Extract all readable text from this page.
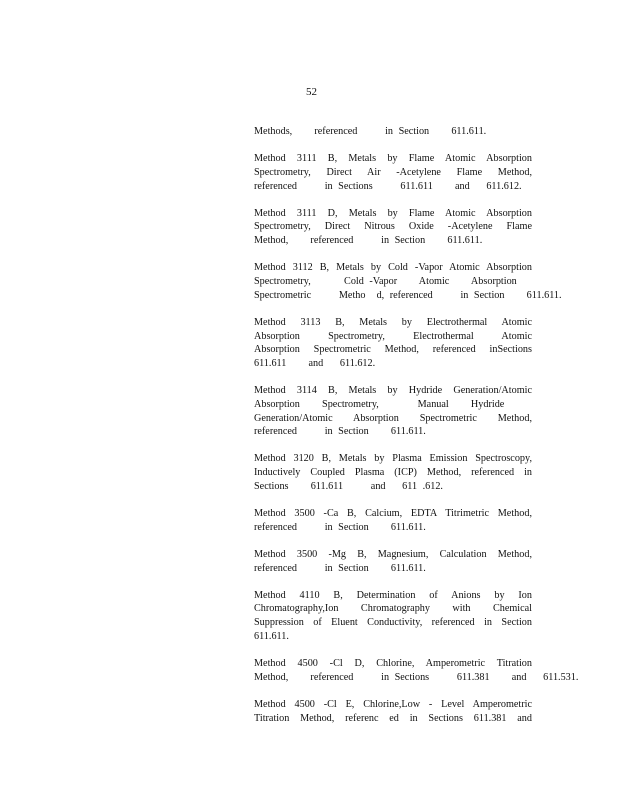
52
Methods,    referenced     in Section    611.611.
Method 3111 B, Metals by Flame Atomic Absorption
Spectrometry, Direct Air -Acetylene Flame Method,
referenced     in Sections     611.611    and   611.612.
Method 3111 D, Metals by Flame Atomic Absorption
Spectrometry, Direct Nitrous Oxide -Acetylene Flame
Method,    referenced     in Section    611.611.
Method 3112 B, Metals by Cold -Vapor Atomic Absorption
Spectrometry,      Cold -Vapor    Atomic    Absorption
Spectrometric     Metho  d, referenced     in Section    611.611.
Method 3113 B, Metals by Electrothermal Atomic
Absorption Spectrometry, Electrothermal Atomic
Absorption Spectrometric Method, referenced inSections
611.611    and   611.612.
Method 3114 B, Metals by Hydride Generation/Atomic
Absorption    Spectrometry,       Manual    Hydride
Generation/Atomic Absorption Spectrometric Method,
referenced     in Section    611.611.
Method 3120 B, Metals by Plasma Emission Spectroscopy,
Inductively Coupled Plasma (ICP) Method, referenced in
Sections    611.611     and   611 .612.
Method 3500 -Ca B, Calcium, EDTA Titrimetric Method,
referenced     in Section    611.611.
Method 3500 -Mg B, Magnesium, Calculation Method,
referenced     in Section    611.611.
Method 4110 B, Determination of Anions by Ion
Chromatography,Ion Chromatography with Chemical
Suppression of Eluent Conductivity, referenced in Section
611.611.
Method 4500 -Cl D, Chlorine, Amperometric Titration
Method,    referenced     in Sections     611.381    and   611.531.
Method 4500 -Cl E, Chlorine,Low - Level Amperometric
Titration Method, referenc ed in Sections 611.381 and
